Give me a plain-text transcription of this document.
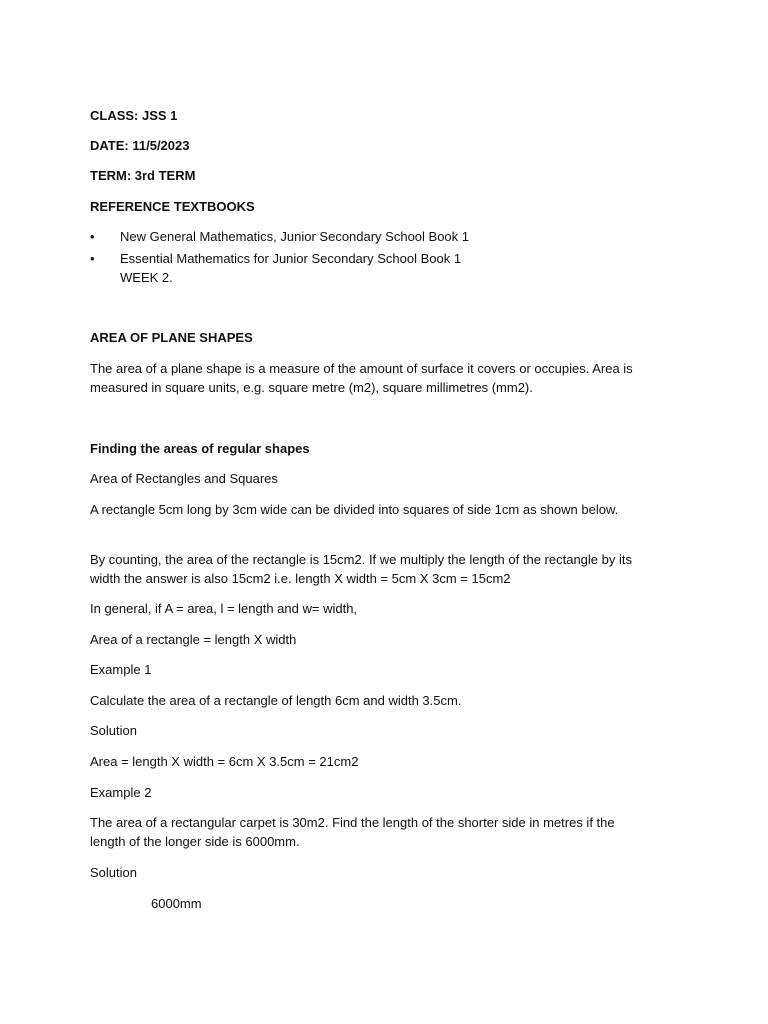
CLASS: JSS 1
DATE: 11/5/2023
TERM: 3rd TERM
REFERENCE TEXTBOOKS
• New General Mathematics, Junior Secondary School Book 1
• Essential Mathematics for Junior Secondary School Book 1
WEEK 2.
AREA OF PLANE SHAPES
The area of a plane shape is a measure of the amount of surface it covers or occupies. Area is
measured in square units, e.g. square metre (m2), square millimetres (mm2).
Finding the areas of regular shapes
Area of Rectangles and Squares
A rectangle 5cm long by 3cm wide can be divided into squares of side 1cm as shown below.
By counting, the area of the rectangle is 15cm2. If we multiply the length of the rectangle by its
width the answer is also 15cm2 i.e. length X width = 5cm X 3cm = 15cm2
In general, if A = area, l = length and w= width,
Area of a rectangle = length X width
Example 1
Calculate the area of a rectangle of length 6cm and width 3.5cm.
Solution
Area = length X width = 6cm X 3.5cm = 21cm2
Example 2
The area of a rectangular carpet is 30m2. Find the length of the shorter side in metres if the
length of the longer side is 6000mm.
Solution
6000mm
